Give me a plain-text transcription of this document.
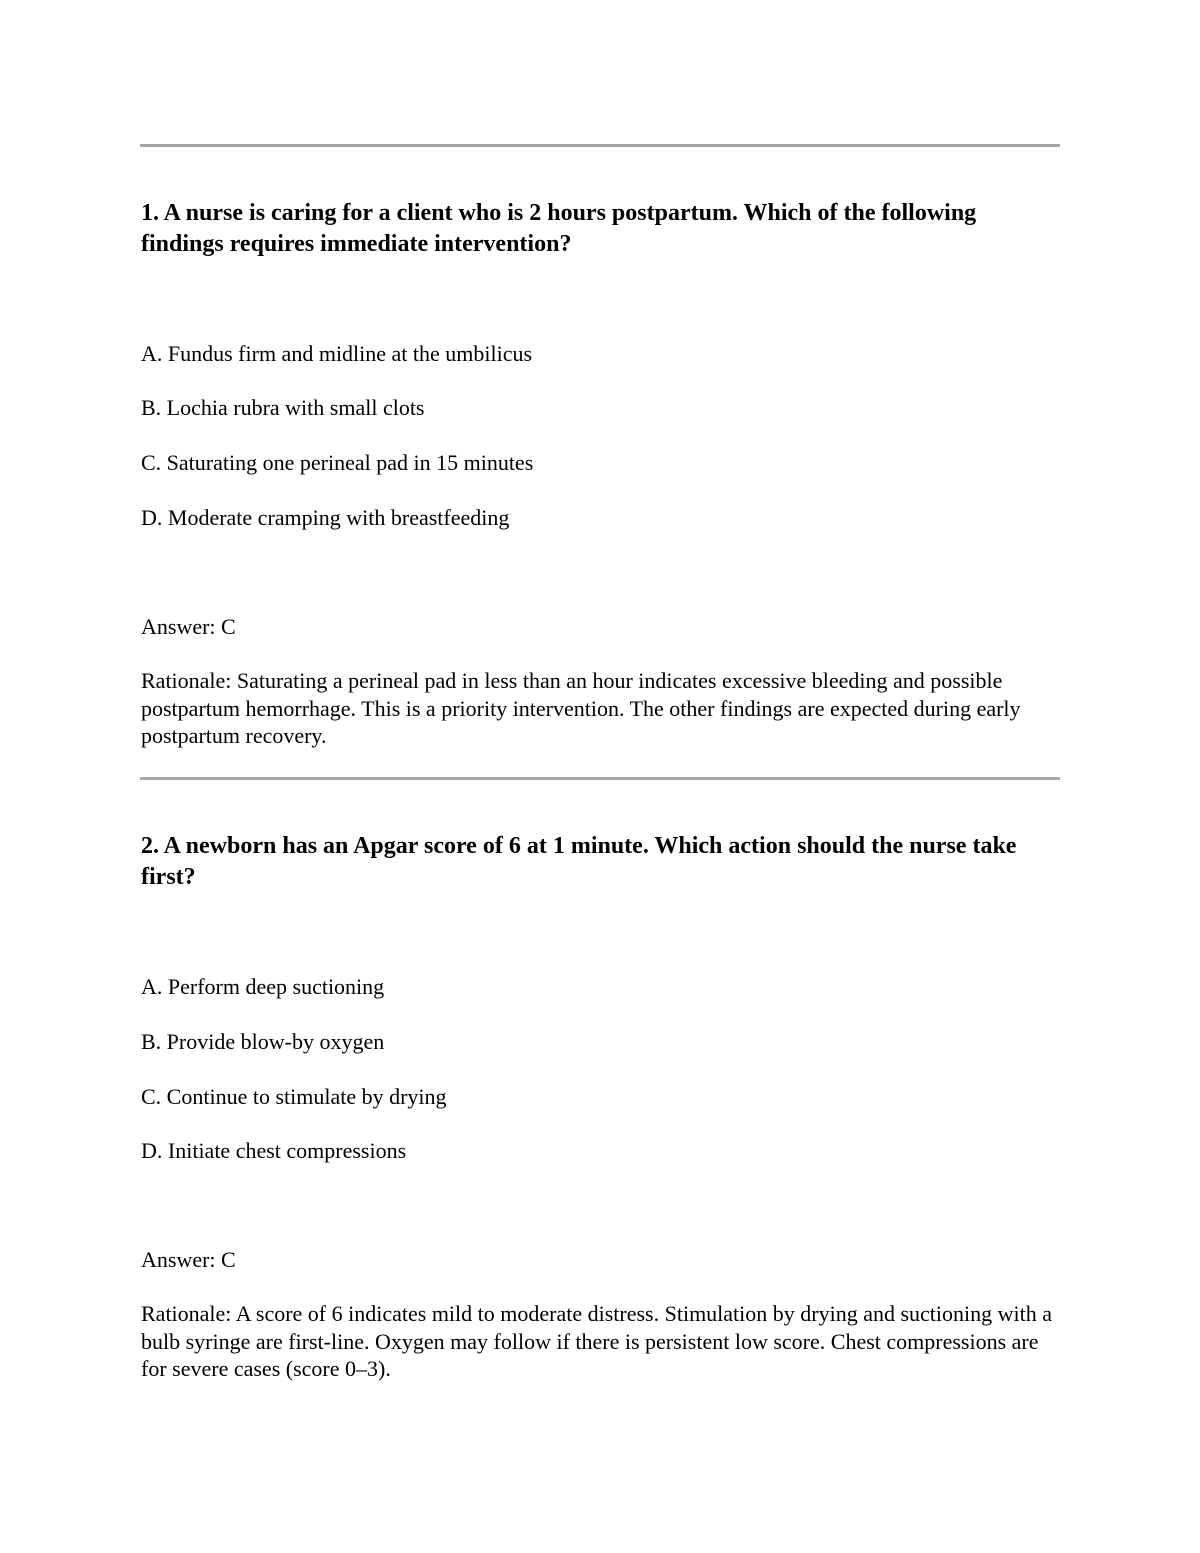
1. A nurse is caring for a client who is 2 hours postpartum. Which of the following findings requires immediate intervention?

A. Fundus firm and midline at the umbilicus

B. Lochia rubra with small clots

C. Saturating one perineal pad in 15 minutes

D. Moderate cramping with breastfeeding

Answer: C

Rationale: Saturating a perineal pad in less than an hour indicates excessive bleeding and possible postpartum hemorrhage. This is a priority intervention. The other findings are expected during early postpartum recovery.

2. A newborn has an Apgar score of 6 at 1 minute. Which action should the nurse take first?

A. Perform deep suctioning

B. Provide blow-by oxygen

C. Continue to stimulate by drying

D. Initiate chest compressions

Answer: C

Rationale: A score of 6 indicates mild to moderate distress. Stimulation by drying and suctioning with a bulb syringe are first-line. Oxygen may follow if there is persistent low score. Chest compressions are for severe cases (score 0–3).
